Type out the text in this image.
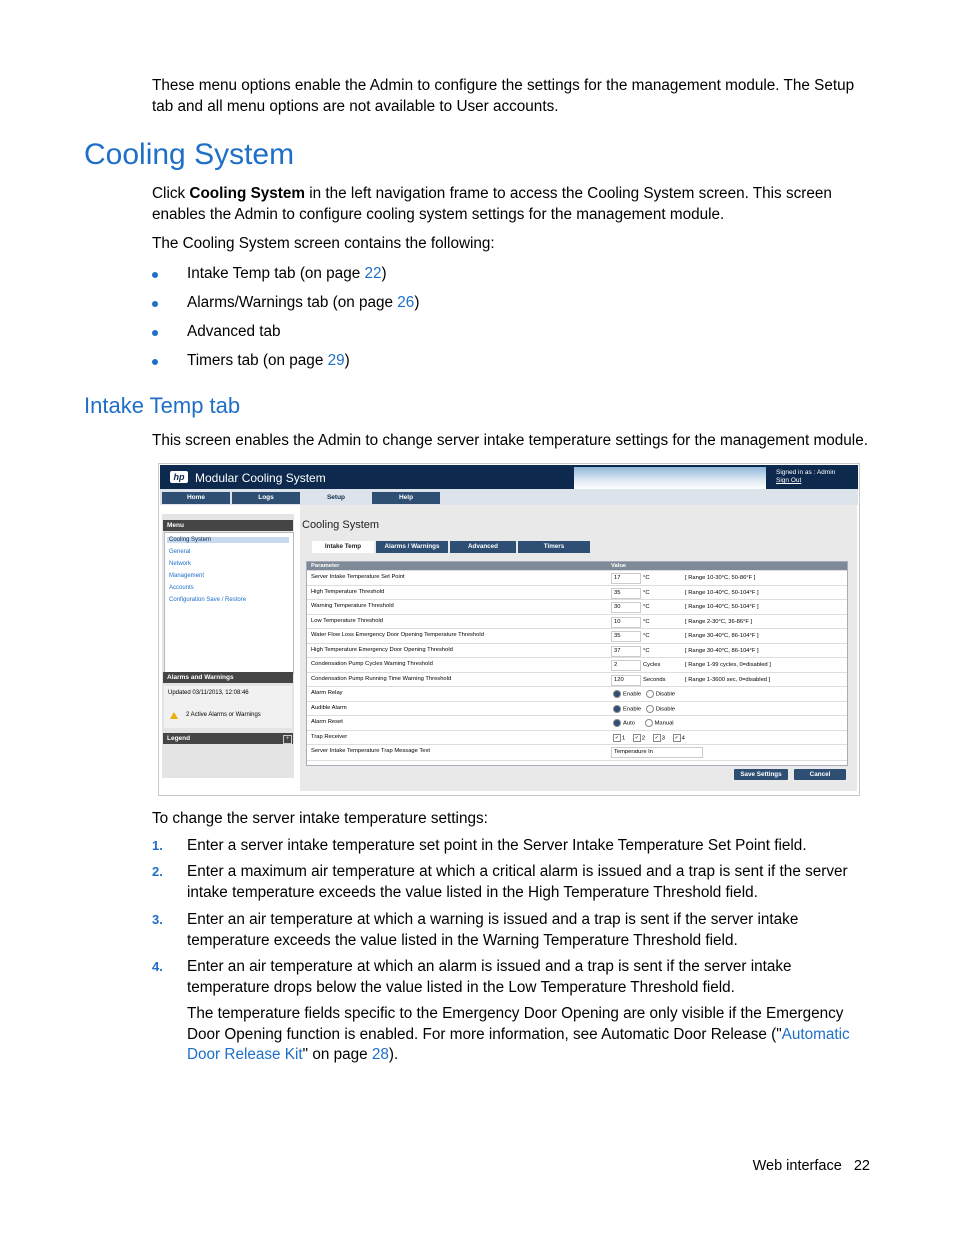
These menu options enable the Admin to configure the settings for the management module. The Setup tab and all menu options are not available to User accounts.
Cooling System
Click Cooling System in the left navigation frame to access the Cooling System screen. This screen enables the Admin to configure cooling system settings for the management module.
The Cooling System screen contains the following:
Intake Temp tab (on page 22)
Alarms/Warnings tab (on page 26)
Advanced tab
Timers tab (on page 29)
Intake Temp tab
This screen enables the Admin to change server intake temperature settings for the management module.
hp Modular Cooling System	Signed in as : Admin
Sign Out
Home	Logs	Setup	Help
Menu
Cooling System
General
Network
Management
Accounts
Configuration Save / Restore
Alarms and Warnings
Updated 03/11/2013, 12:08:46
2 Active Alarms or Warnings
Legend	+
Cooling System
Intake Temp	Alarms / Warnings	Advanced	Timers
Parameter	Value
Server Intake Temperature Set Point	17	°C	[ Range 10-30°C, 50-86°F ]
High Temperature Threshold	35	°C	[ Range 10-40°C, 50-104°F ]
Warning Temperature Threshold	30	°C	[ Range 10-40°C, 50-104°F ]
Low Temperature Threshold	10	°C	[ Range 2-30°C, 36-86°F ]
Water Flow Loss Emergency Door Opening Temperature Threshold	35	°C	[ Range 30-40°C, 86-104°F ]
High Temperature Emergency Door Opening Threshold	37	°C	[ Range 30-40°C, 86-104°F ]
Condensation Pump Cycles Warning Threshold	2	Cycles	[ Range 1-99 cycles, 0=disabled ]
Condensation Pump Running Time Warning Threshold	120	Seconds	[ Range 1-3600 sec, 0=disabled ]
Alarm Relay	Enable	Disable
Audible Alarm	Enable	Disable
Alarm Reset	Auto	Manual
Trap Receiver	✓ 1 ✓ 2 ✓ 3 ✓ 4
Server Intake Temperature Trap Message Text	Temperature In
Save Settings	Cancel
To change the server intake temperature settings:
1. Enter a server intake temperature set point in the Server Intake Temperature Set Point field.
2. Enter a maximum air temperature at which a critical alarm is issued and a trap is sent if the server intake temperature exceeds the value listed in the High Temperature Threshold field.
3. Enter an air temperature at which a warning is issued and a trap is sent if the server intake temperature exceeds the value listed in the Warning Temperature Threshold field.
4. Enter an air temperature at which an alarm is issued and a trap is sent if the server intake temperature drops below the value listed in the Low Temperature Threshold field.
The temperature fields specific to the Emergency Door Opening are only visible if the Emergency Door Opening function is enabled. For more information, see Automatic Door Release ("Automatic Door Release Kit" on page 28).
Web interface   22
